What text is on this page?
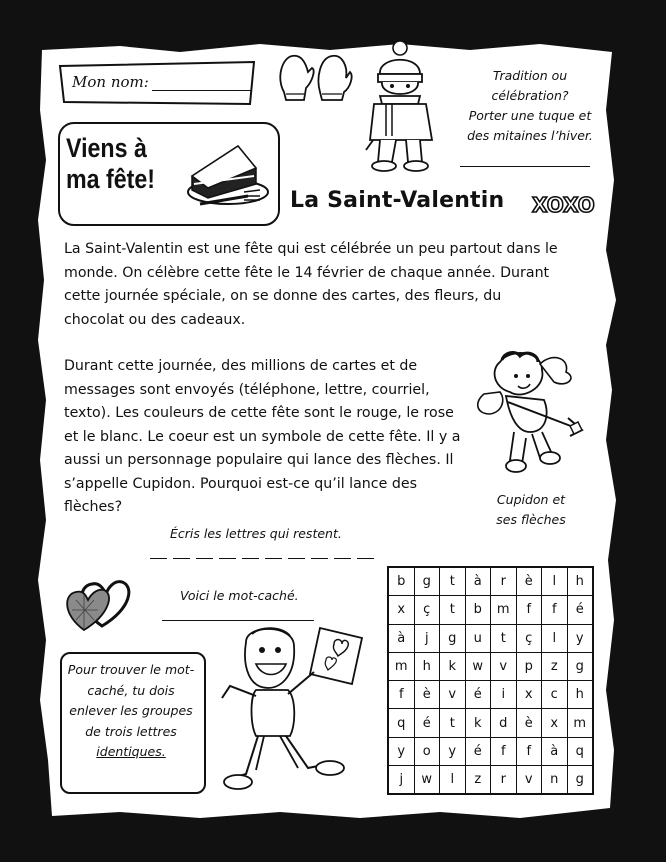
Mon nom:
Viens à
ma fête!
Tradition ou
célébration?
Porter une tuque et
des mitaines l’hiver.
La Saint-Valentin XOXO
La Saint-Valentin est une fête qui est célébrée un peu partout dans le monde. On célèbre cette fête le 14 février de chaque année. Durant cette journée spéciale, on se donne des cartes, des fleurs, du chocolat ou des cadeaux.
Durant cette journée, des millions de cartes et de messages sont envoyés (téléphone, lettre, courriel, texto). Les couleurs de cette fête sont le rouge, le rose et le blanc. Le coeur est un symbole de cette fête. Il y a aussi un personnage populaire qui lance des flèches. Il s’appelle Cupidon. Pourquoi est-ce qu’il lance des flèches?	Cupidon et
ses flèches
Écris les lettres qui restent.
Voici le mot-caché.
Pour trouver le mot-caché, tu dois enlever les groupes de trois lettres identiques.
b	g	t	à	r	è	l	h
x	ç	t	b	m	f	f	é
à	j	g	u	t	ç	l	y
m	h	k	w	v	p	z	g
f	è	v	é	i	x	c	h
q	é	t	k	d	è	x	m
y	o	y	é	f	f	à	q
j	w	l	z	r	v	n	g
page 12
